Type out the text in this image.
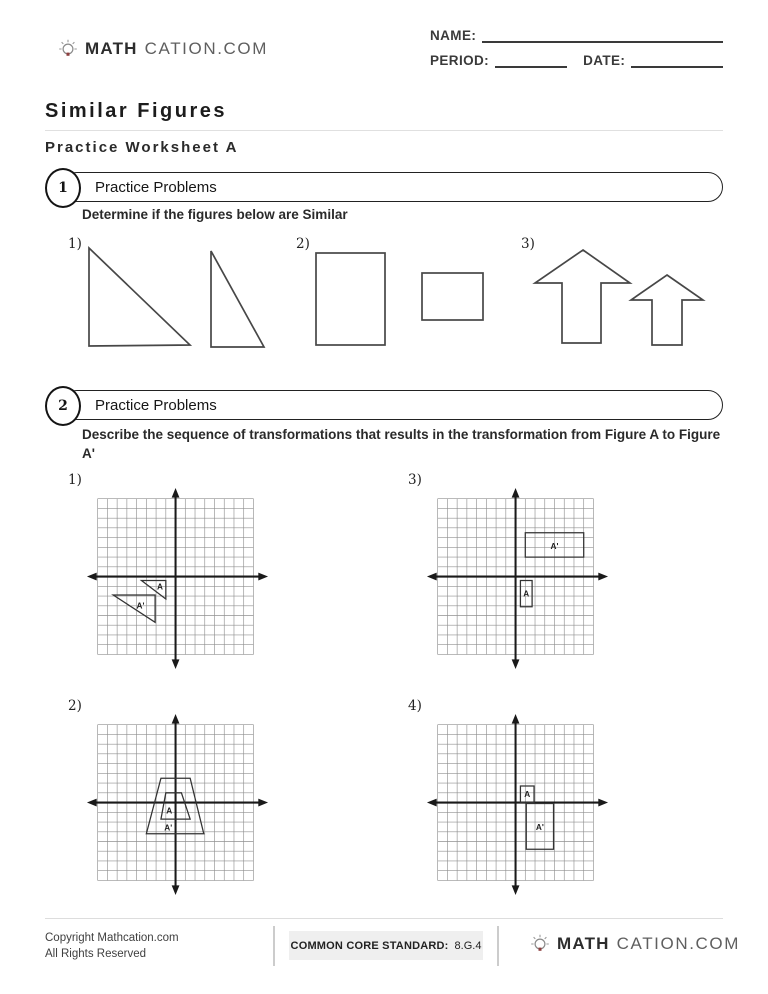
MATH CATION.COM
NAME:
PERIOD:	DATE:
Similar Figures
Practice Worksheet A
Practice Problems
1
Determine if the figures below are Similar
1)	2)	3)
Practice Problems
2
Describe the sequence of transformations that results in the transformation from Figure A to Figure A'
1)	3)
2)	4)
A
A'
A
A'
A
A'
A
A'
Copyright Mathcation.com
All Rights Reserved
COMMON CORE STANDARD: 8.G.4	MATH CATION.COM
